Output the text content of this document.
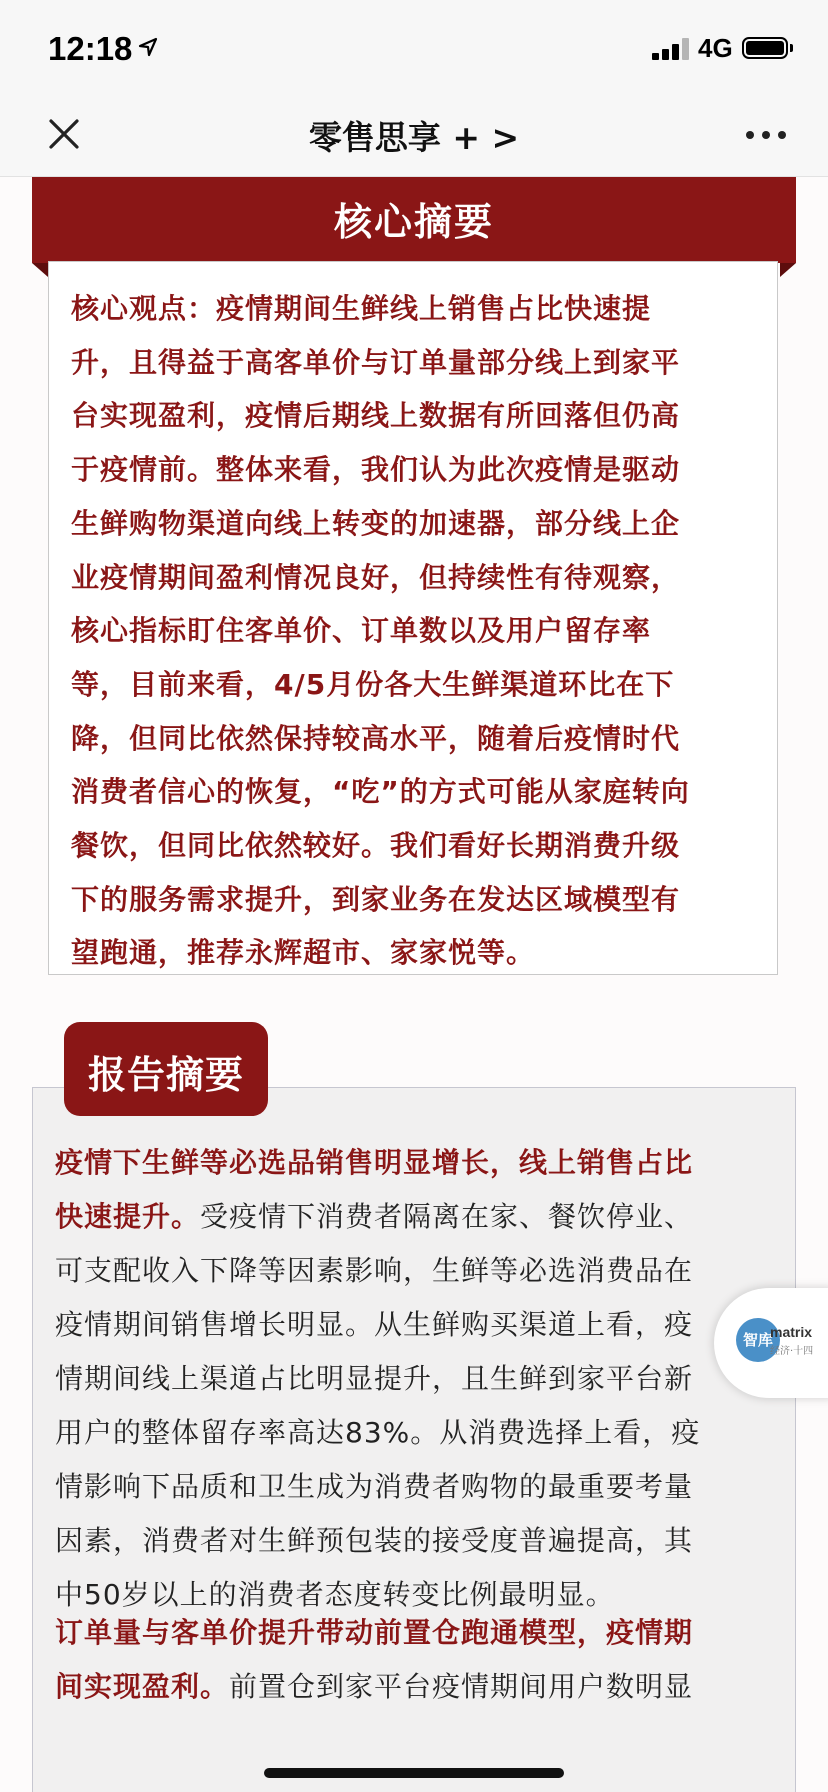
12:18	4G
零售思享 + >
核心摘要
核心观点：疫情期间生鲜线上销售占比快速提
升，且得益于高客单价与订单量部分线上到家平
台实现盈利，疫情后期线上数据有所回落但仍高
于疫情前。整体来看，我们认为此次疫情是驱动
生鲜购物渠道向线上转变的加速器，部分线上企
业疫情期间盈利情况良好，但持续性有待观察，
核心指标盯住客单价、订单数以及用户留存率
等，目前来看，4/5月份各大生鲜渠道环比在下
降，但同比依然保持较高水平，随着后疫情时代
消费者信心的恢复，“吃”的方式可能从家庭转向
餐饮，但同比依然较好。我们看好长期消费升级
下的服务需求提升，到家业务在发达区域模型有
望跑通，推荐永辉超市、家家悦等。
疫情下生鲜等必选品销售明显增长，线上销售占比
快速提升。受疫情下消费者隔离在家、餐饮停业、
可支配收入下降等因素影响，生鲜等必选消费品在
疫情期间销售增长明显。从生鲜购买渠道上看，疫
情期间线上渠道占比明显提升，且生鲜到家平台新
用户的整体留存率高达83%。从消费选择上看，疫
情影响下品质和卫生成为消费者购物的最重要考量
因素，消费者对生鲜预包装的接受度普遍提高，其
中50岁以上的消费者态度转变比例最明显。
订单量与客单价提升带动前置仓跑通模型，疫情期
间实现盈利。前置仓到家平台疫情期间用户数明显
报告摘要
智库
matrix
经济·十四
